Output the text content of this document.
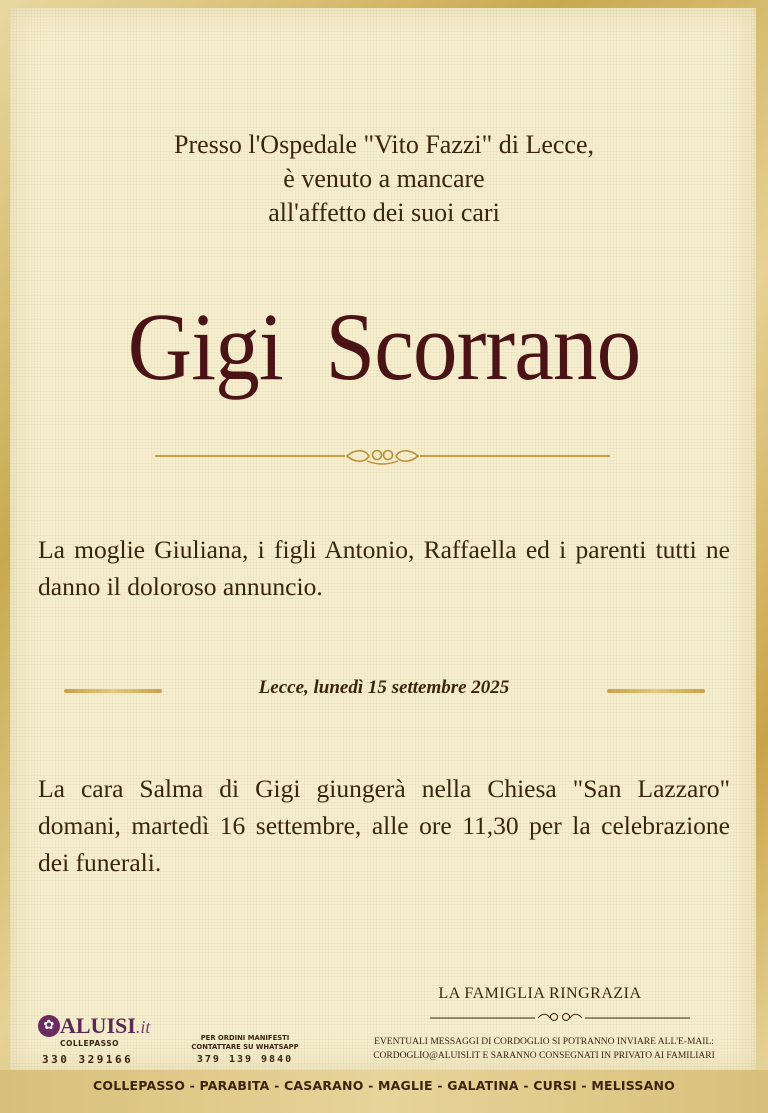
Presso l'Ospedale "Vito Fazzi" di Lecce,
è venuto a mancare
all'affetto dei suoi cari
Gigi  Scorrano
La moglie Giuliana, i figli Antonio, Raffaella ed i parenti tutti ne danno il doloroso annuncio.
Lecce, lunedì 15 settembre 2025
La cara Salma di Gigi giungerà nella Chiesa "San Lazzaro" domani, martedì 16 settembre, alle ore 11,30 per la celebrazione dei funerali.
LA FAMIGLIA RINGRAZIA
EVENTUALI MESSAGGI DI CORDOGLIO SI POTRANNO INVIARE ALL'E-MAIL:
CORDOGLIO@ALUISI.IT E SARANNO CONSEGNATI IN PRIVATO AI FAMILIARI
✿ ALUISI.it
COLLEPASSO
330 329166
PER ORDINI MANIFESTI
CONTATTARE SU WHATSAPP
379 139 9840
COLLEPASSO - PARABITA - CASARANO - MAGLIE - GALATINA - CURSI - MELISSANO
